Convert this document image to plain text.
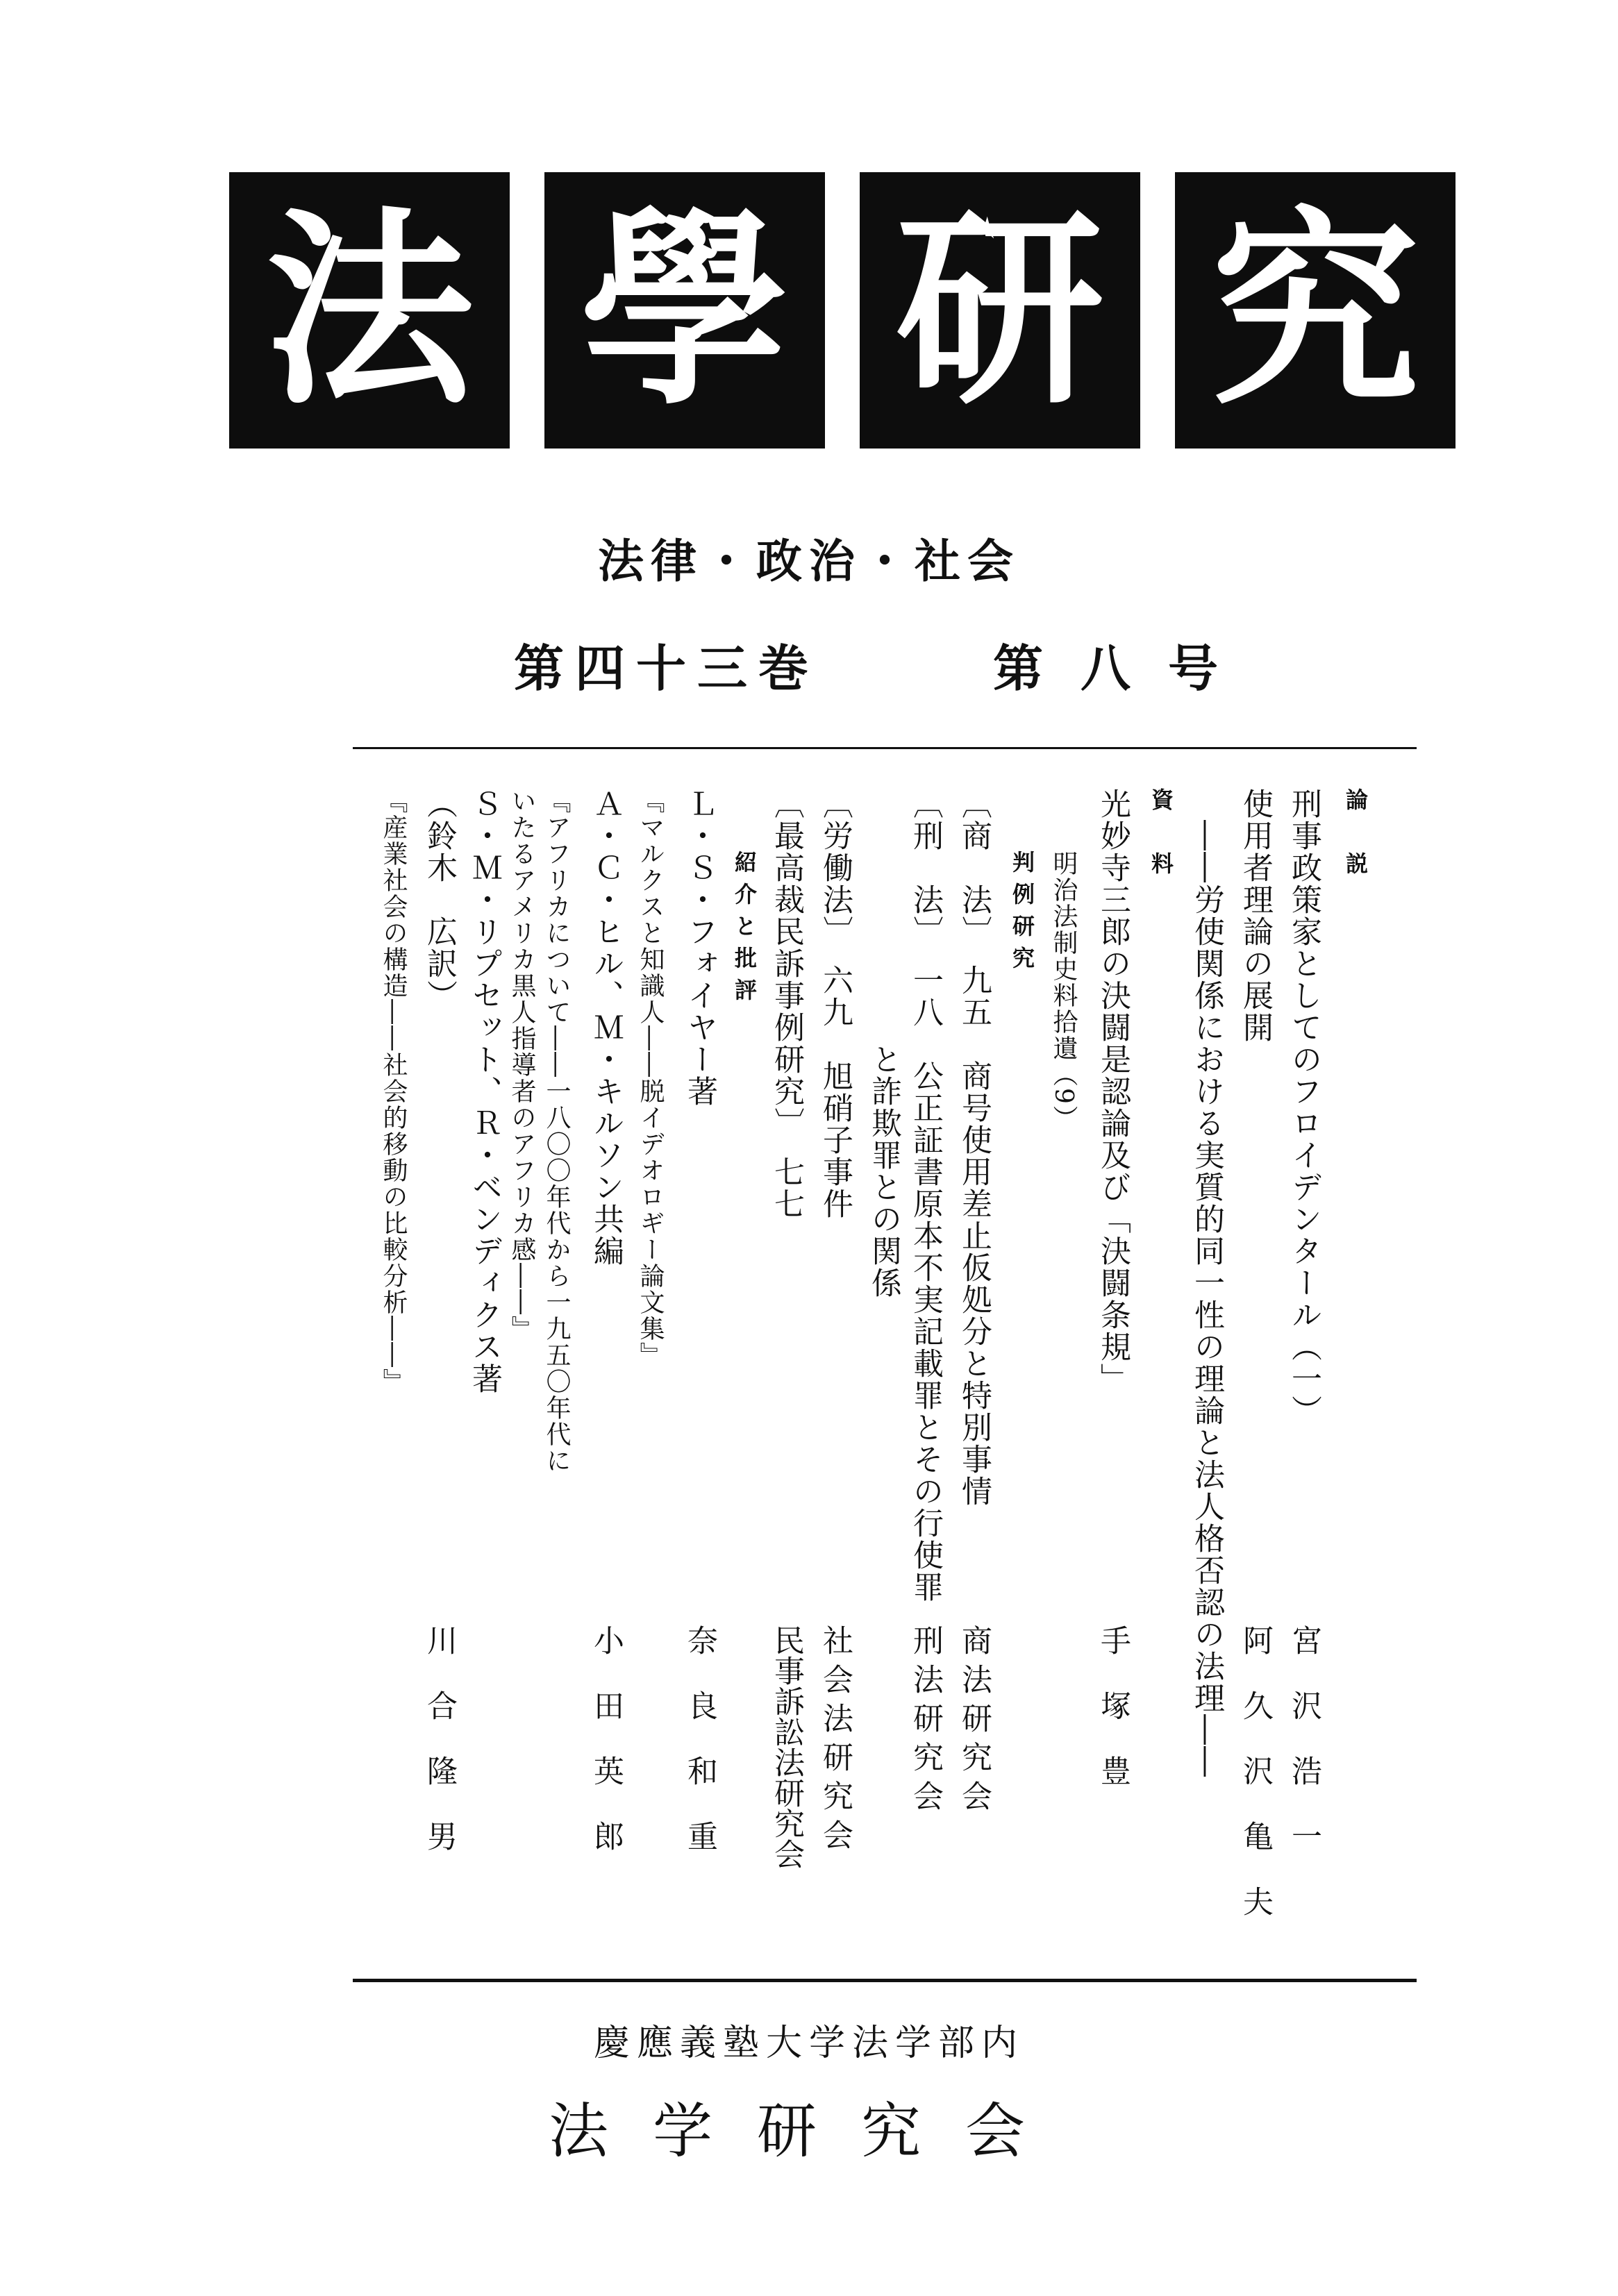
法 學 研 究
法律・政治・社会
第四十三巻	第八号
論　説
刑事政策家としてのフロイデンタール（一）
宮沢浩一
使用者理論の展開
阿久沢亀夫
　――労使関係における実質的同一性の理論と法人格否認の法理――
資　料
光妙寺三郎の決闘是認論及び「決闘条規」
手塚豊
明治法制史料拾遺（9）
判例研究
〔商　法〕　九五　商号使用差止仮処分と特別事情
商法研究会
〔刑　法〕　一八　公正証書原本不実記載罪とその行使罪
刑法研究会
　　　　　　　　と詐欺罪との関係
〔労働法〕　六九　旭硝子事件
社会法研究会
〔最高裁民訴事例研究〕　七七
民事訴訟法研究会
紹介と批評
Ｌ・Ｓ・フォイヤー著
奈良和重
『マルクスと知識人――脱イデオロギー論文集』
Ａ・Ｃ・ヒル、Ｍ・キルソン共編
小田英郎
『アフリカについて――一八〇〇年代から一九五〇年代に
いたるアメリカ黒人指導者のアフリカ感――』
Ｓ・Ｍ・リプセット、Ｒ・ベンディクス著
（鈴木　広訳）
川合隆男
『産業社会の構造――社会的移動の比較分析――』
慶應義塾大学法学部内
法学研究会
